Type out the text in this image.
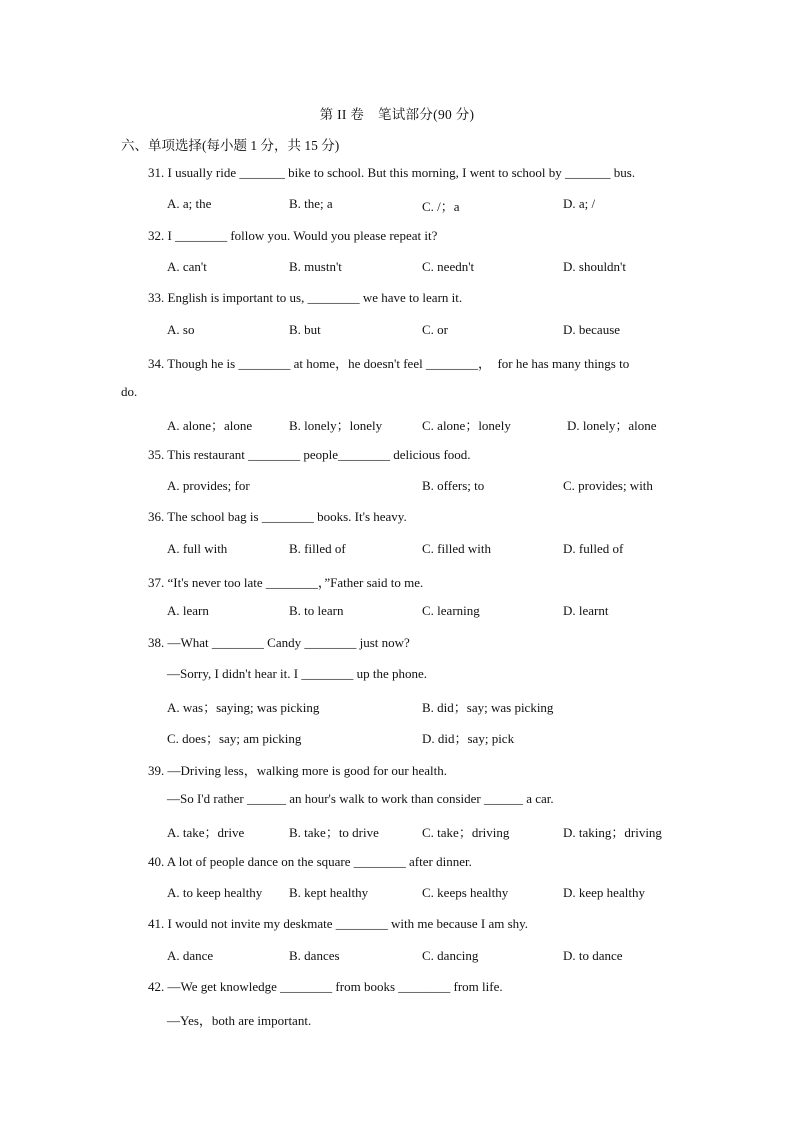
第 II 卷　笔试部分(90 分)
六、单项选择(每小题 1 分，共 15 分)
31. I usually ride _______ bike to school. But this morning, I went to school by _______ bus.
A. a; the	B. the; a	C. /；a	D. a; /
32. I ________ follow you. Would you please repeat it?
A. can't	B. mustn't	C. needn't	D. shouldn't
33. English is important to us, ________ we have to learn it.
A. so	B. but	C. or	D. because
34. Though he is ________ at home，he doesn't feel ________，　for he has many things to
do.
A. alone；alone	B. lonely；lonely	C. alone；lonely	D. lonely；alone
35. This restaurant ________ people________ delicious food.
A. provides; for	B. offers; to	C. provides; with
36. The school bag is ________ books. It's heavy.
A. full with	B. filled of	C. filled with	D. fulled of
37. “It's never too late ________，”Father said to me.
A. learn	B. to learn	C. learning	D. learnt
38. —What ________ Candy ________ just now?
—Sorry, I didn't hear it. I ________ up the phone.
A. was；saying; was picking	B. did；say; was picking
C. does；say; am picking	D. did；say; pick
39. —Driving less，walking more is good for our health.
—So I'd rather ______ an hour's walk to work than consider ______ a car.
A. take；drive	B. take；to drive	C. take；driving	D. taking；driving
40. A lot of people dance on the square ________ after dinner.
A. to keep healthy B. kept healthy	C. keeps healthy	D. keep healthy
41. I would not invite my deskmate ________ with me because I am shy.
A. dance	B. dances	C. dancing	D. to dance
42. —We get knowledge ________ from books ________ from life.
—Yes，both are important.
